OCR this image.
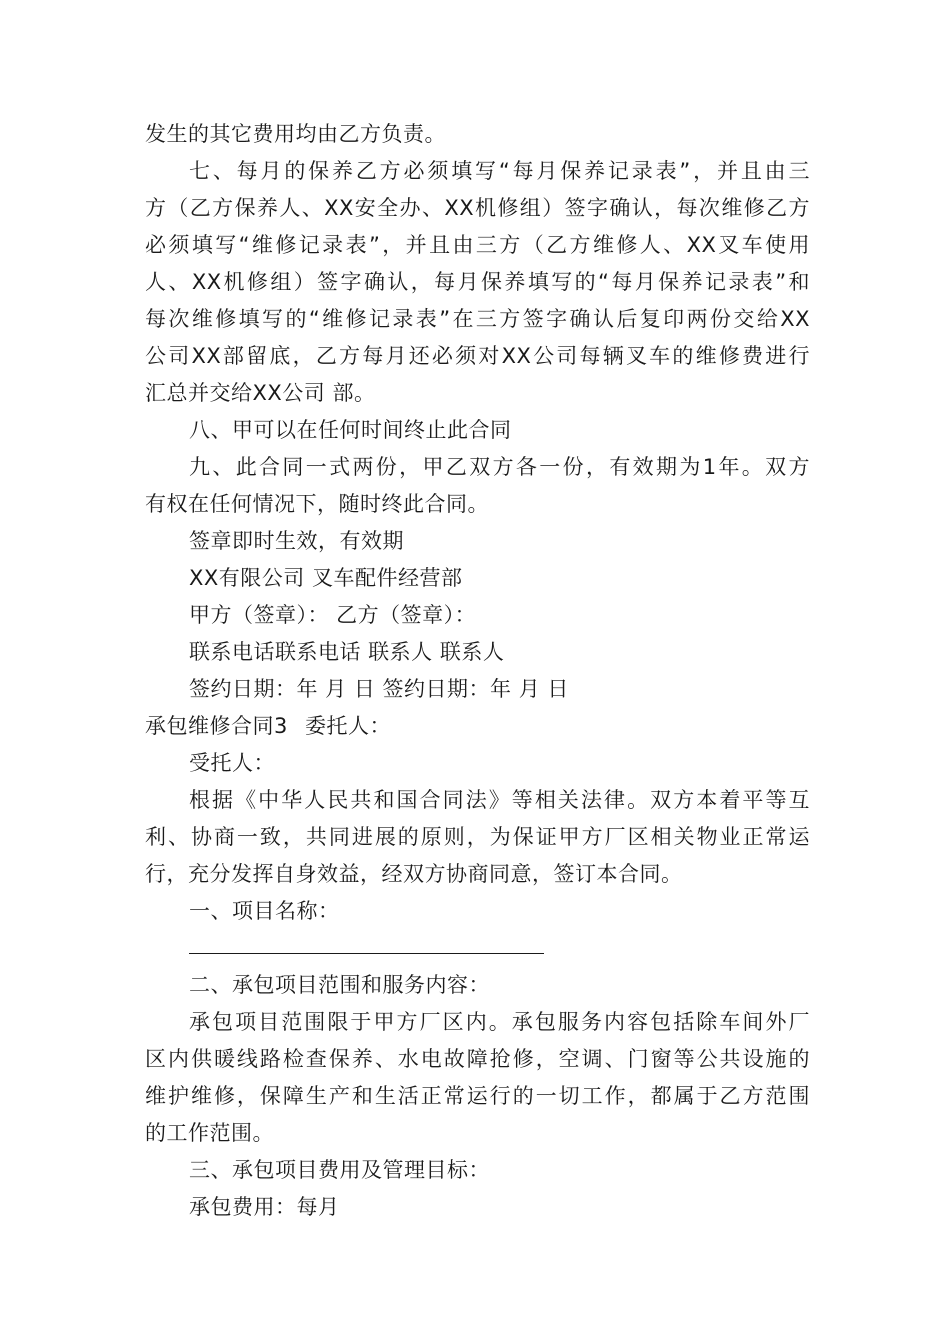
发生的其它费用均由乙方负责。
七、每月的保养乙方必须填写“每月保养记录表”，并且由三
方（乙方保养人、XX安全办、XX机修组）签字确认，每次维修乙方
必须填写“维修记录表”，并且由三方（乙方维修人、XX叉车使用
人、XX机修组）签字确认，每月保养填写的“每月保养记录表”和
每次维修填写的“维修记录表”在三方签字确认后复印两份交给XX
公司XX部留底，乙方每月还必须对XX公司每辆叉车的维修费进行
汇总并交给XX公司 部。
八、甲可以在任何时间终止此合同
九、此合同一式两份，甲乙双方各一份，有效期为1年。双方
有权在任何情况下，随时终此合同。
签章即时生效，有效期
XX有限公司 叉车配件经营部
甲方（签章）： 乙方（签章）：
联系电话联系电话 联系人 联系人
签约日期：年 月 日 签约日期：年 月 日
承包维修合同3 委托人：
受托人：
根据《中华人民共和国合同法》等相关法律。双方本着平等互
利、协商一致，共同进展的原则，为保证甲方厂区相关物业正常运
行，充分发挥自身效益，经双方协商同意，签订本合同。
一、项目名称：
二、承包项目范围和服务内容：
承包项目范围限于甲方厂区内。承包服务内容包括除车间外厂
区内供暖线路检查保养、水电故障抢修，空调、门窗等公共设施的
维护维修，保障生产和生活正常运行的一切工作，都属于乙方范围
的工作范围。
三、承包项目费用及管理目标：
承包费用：每月
